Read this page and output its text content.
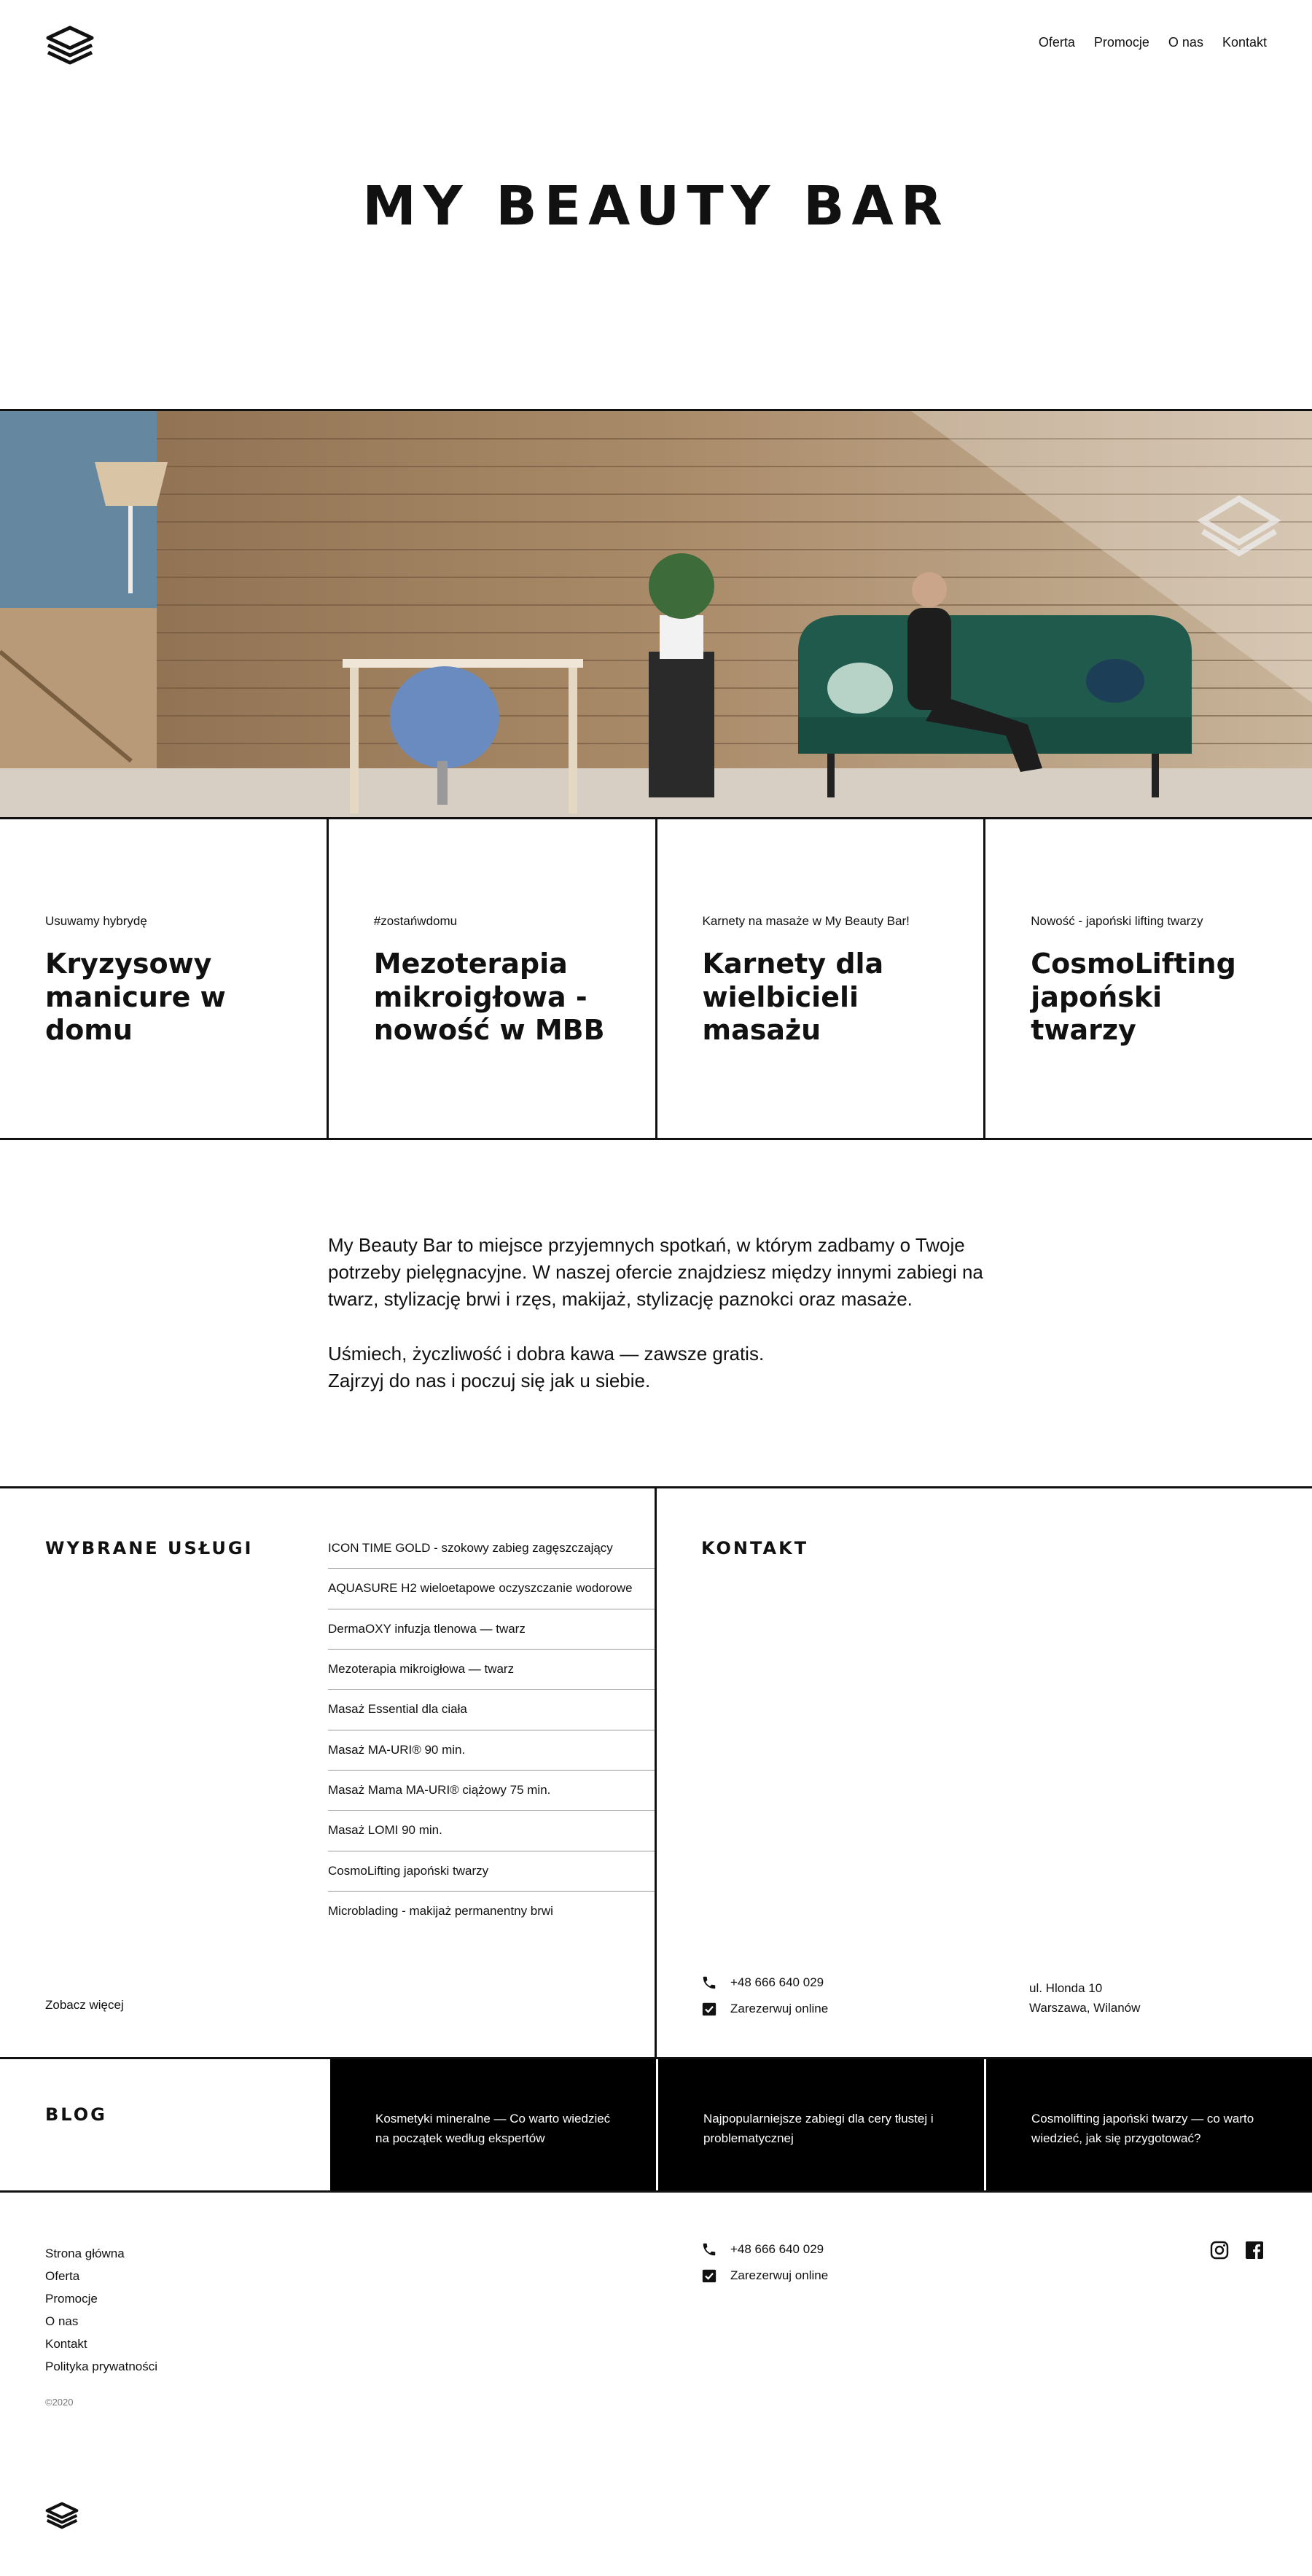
Oferta Promocje O nas Kontakt
MY BEAUTY BAR
Usuwamy hybrydę
Kryzysowy manicure w domu
#zostańwdomu
Mezoterapia mikroigłowa - nowość w MBB
Karnety na masaże w My Beauty Bar!
Karnety dla wielbicieli masażu
Nowość - japoński lifting twarzy
CosmoLifting japoński twarzy

My Beauty Bar to miejsce przyjemnych spotkań, w którym zadbamy o Twoje potrzeby pielęgnacyjne. W naszej ofercie znajdziesz między innymi zabiegi na twarz, stylizację brwi i rzęs, makijaż, stylizację paznokci oraz masaże.

Uśmiech, życzliwość i dobra kawa — zawsze gratis.
Zajrzyj do nas i poczuj się jak u siebie.

WYBRANE USŁUGI	ICON TIME GOLD - szokowy zabieg zagęszczający
AQUASURE H2 wieloetapowe oczyszczanie wodorowe
DermaOXY infuzja tlenowa — twarz
Mezoterapia mikroigłowa — twarz
Masaż Essential dla ciała
Masaż MA-URI® 90 min.
Masaż Mama MA-URI® ciążowy 75 min.
Masaż LOMI 90 min.
CosmoLifting japoński twarzy
Microblading - makijaż permanentny brwi
KONTAKT
+48 666 640 029
Zarezerwuj online
ul. Hlonda 10
Warszawa, Wilanów
Zobacz więcej
BLOG	Kosmetyki mineralne — Co warto wiedzieć na początek według ekspertów
Najpopularniejsze zabiegi dla cery tłustej i problematycznej
Cosmolifting japoński twarzy — co warto wiedzieć, jak się przygotować?
Strona główna
Oferta
Promocje
O nas
Kontakt
Polityka prywatności
©2020
+48 666 640 029
Zarezerwuj online
